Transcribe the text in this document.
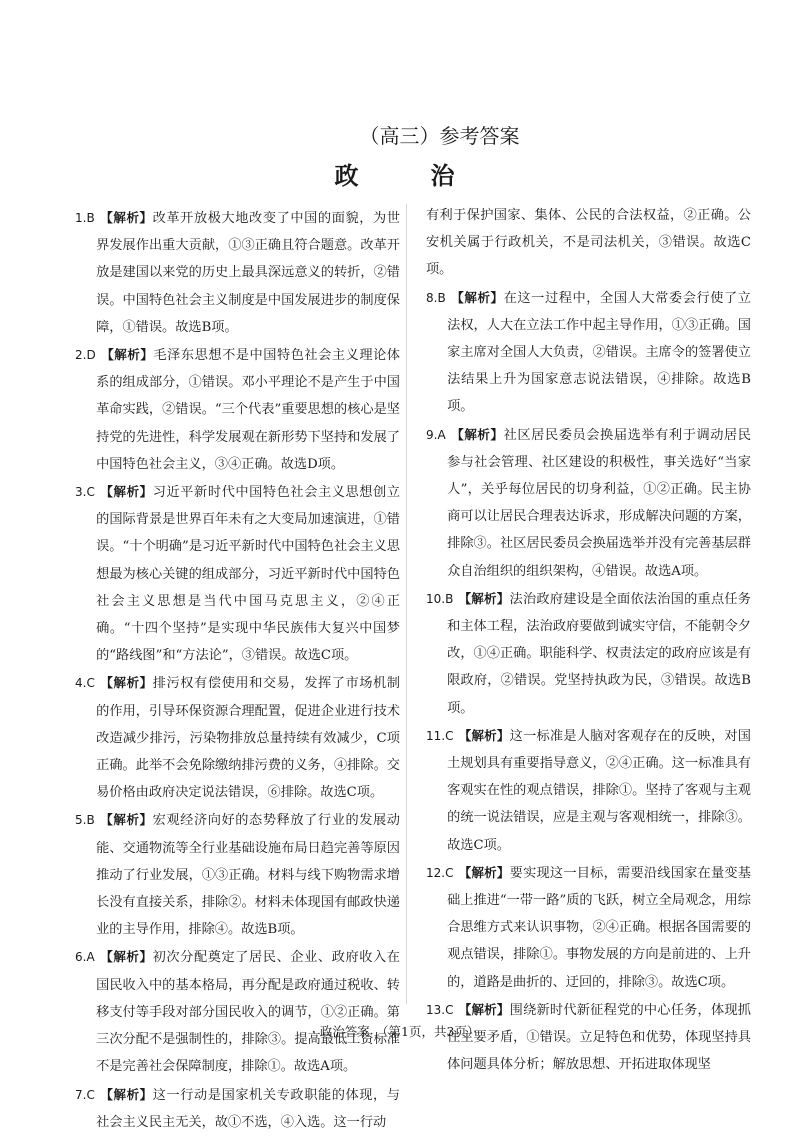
（高三）参考答案
政　治
1.B 【解析】改革开放极大地改变了中国的面貌，为世界发展作出重大贡献，①③正确且符合题意。改革开放是建国以来党的历史上最具深远意义的转折，②错误。中国特色社会主义制度是中国发展进步的制度保障，①错误。故选B项。
2.D 【解析】毛泽东思想不是中国特色社会主义理论体系的组成部分，①错误。邓小平理论不是产生于中国革命实践，②错误。“三个代表”重要思想的核心是坚持党的先进性，科学发展观在新形势下坚持和发展了中国特色社会主义，③④正确。故选D项。
3.C 【解析】习近平新时代中国特色社会主义思想创立的国际背景是世界百年未有之大变局加速演进，①错误。“十个明确”是习近平新时代中国特色社会主义思想最为核心关键的组成部分，习近平新时代中国特色社会主义思想是当代中国马克思主义，②④正确。“十四个坚持”是实现中华民族伟大复兴中国梦的“路线图”和“方法论”，③错误。故选C项。
4.C 【解析】排污权有偿使用和交易，发挥了市场机制的作用，引导环保资源合理配置，促进企业进行技术改造减少排污，污染物排放总量持续有效减少，C项正确。此举不会免除缴纳排污费的义务，④排除。交易价格由政府决定说法错误，⑥排除。故选C项。
5.B 【解析】宏观经济向好的态势释放了行业的发展动能、交通物流等全行业基础设施布局日趋完善等原因推动了行业发展，①③正确。材料与线下购物需求增长没有直接关系，排除②。材料未体现国有邮政快递业的主导作用，排除④。故选B项。
6.A 【解析】初次分配奠定了居民、企业、政府收入在国民收入中的基本格局，再分配是政府通过税收、转移支付等手段对部分国民收入的调节，①②正确。第三次分配不是强制性的，排除③。提高最低工资标准不是完善社会保障制度，排除①。故选A项。
7.C 【解析】这一行动是国家机关专政职能的体现，与社会主义民主无关，故①不选，④入选。这一行动
有利于保护国家、集体、公民的合法权益，②正确。公安机关属于行政机关，不是司法机关，③错误。故选C项。
8.B 【解析】在这一过程中，全国人大常委会行使了立法权，人大在立法工作中起主导作用，①③正确。国家主席对全国人大负责，②错误。主席令的签署使立法结果上升为国家意志说法错误，④排除。故选B项。
9.A 【解析】社区居民委员会换届选举有利于调动居民参与社会管理、社区建设的积极性，事关选好“当家人”，关乎每位居民的切身利益，①②正确。民主协商可以让居民合理表达诉求，形成解决问题的方案，排除③。社区居民委员会换届选举并没有完善基层群众自治组织的组织架构，④错误。故选A项。
10.B 【解析】法治政府建设是全面依法治国的重点任务和主体工程，法治政府要做到诚实守信，不能朝令夕改，①④正确。职能科学、权责法定的政府应该是有限政府，②错误。党坚持执政为民，③错误。故选B项。
11.C 【解析】这一标准是人脑对客观存在的反映，对国土规划具有重要指导意义，②④正确。这一标准具有客观实在性的观点错误，排除①。坚持了客观与主观的统一说法错误，应是主观与客观相统一，排除③。故选C项。
12.C 【解析】要实现这一目标，需要沿线国家在量变基础上推进“一带一路”质的飞跃，树立全局观念，用综合思维方式来认识事物，②④正确。根据各国需要的观点错误，排除①。事物发展的方向是前进的、上升的，道路是曲折的、迂回的，排除③。故选C项。
13.C 【解析】围绕新时代新征程党的中心任务，体现抓住主要矛盾，①错误。立足特色和优势，体现坚持具体问题具体分析；解放思想、开拓进取体现坚
· 政治答案　（第1页，共3页）·
